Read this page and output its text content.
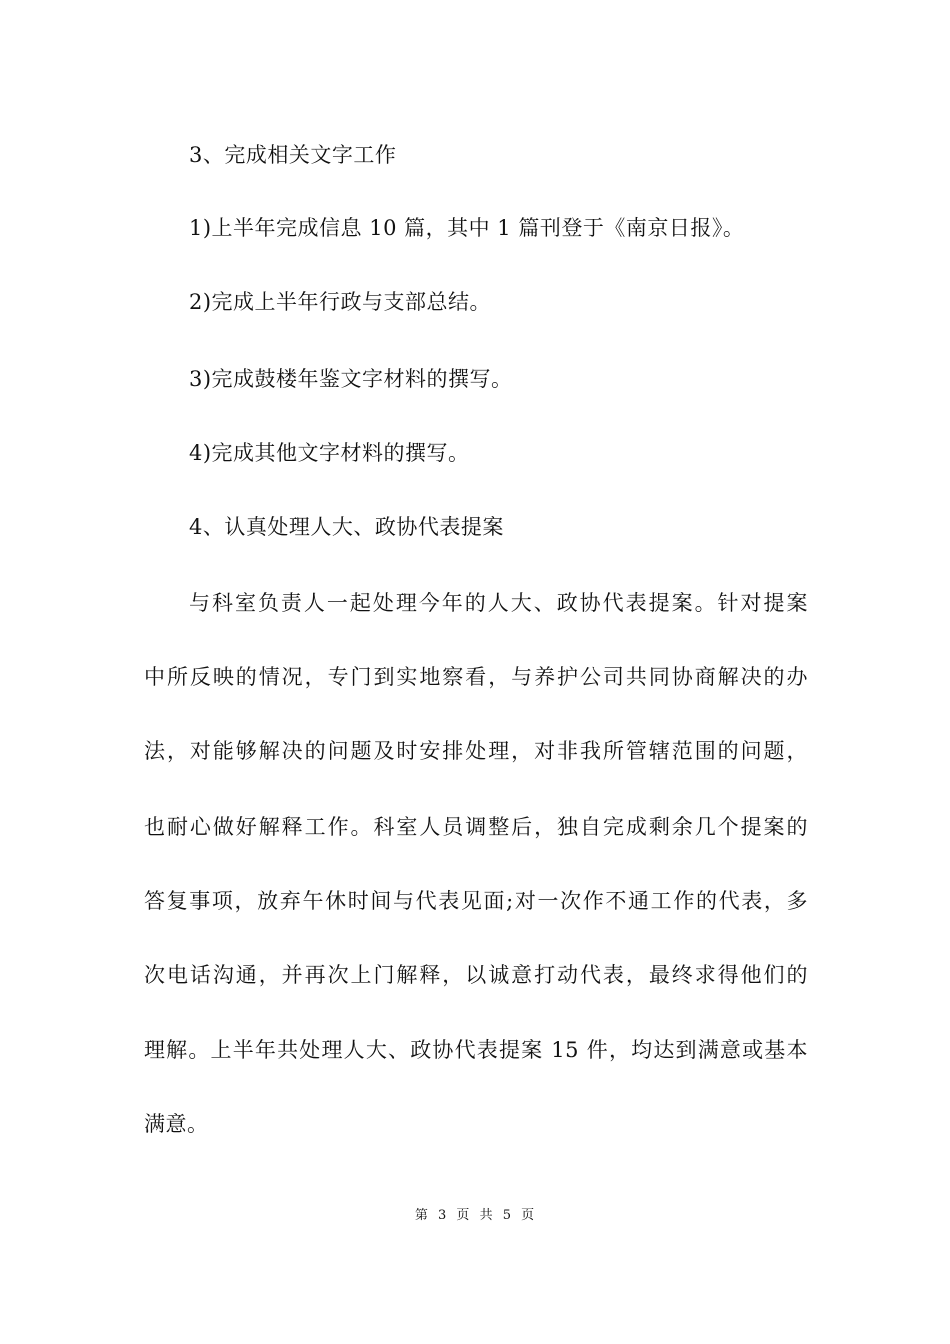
3、完成相关文字工作
1)上半年完成信息 10 篇，其中 1 篇刊登于《南京日报》。
2)完成上半年行政与支部总结。
3)完成鼓楼年鉴文字材料的撰写。
4)完成其他文字材料的撰写。
4、认真处理人大、政协代表提案
与科室负责人一起处理今年的人大、政协代表提案。针对提案
中所反映的情况，专门到实地察看，与养护公司共同协商解决的办
法，对能够解决的问题及时安排处理，对非我所管辖范围的问题，
也耐心做好解释工作。科室人员调整后，独自完成剩余几个提案的
答复事项，放弃午休时间与代表见面;对一次作不通工作的代表，多
次电话沟通，并再次上门解释，以诚意打动代表，最终求得他们的
理解。上半年共处理人大、政协代表提案 15 件，均达到满意或基本
满意。
第 3 页 共 5 页
